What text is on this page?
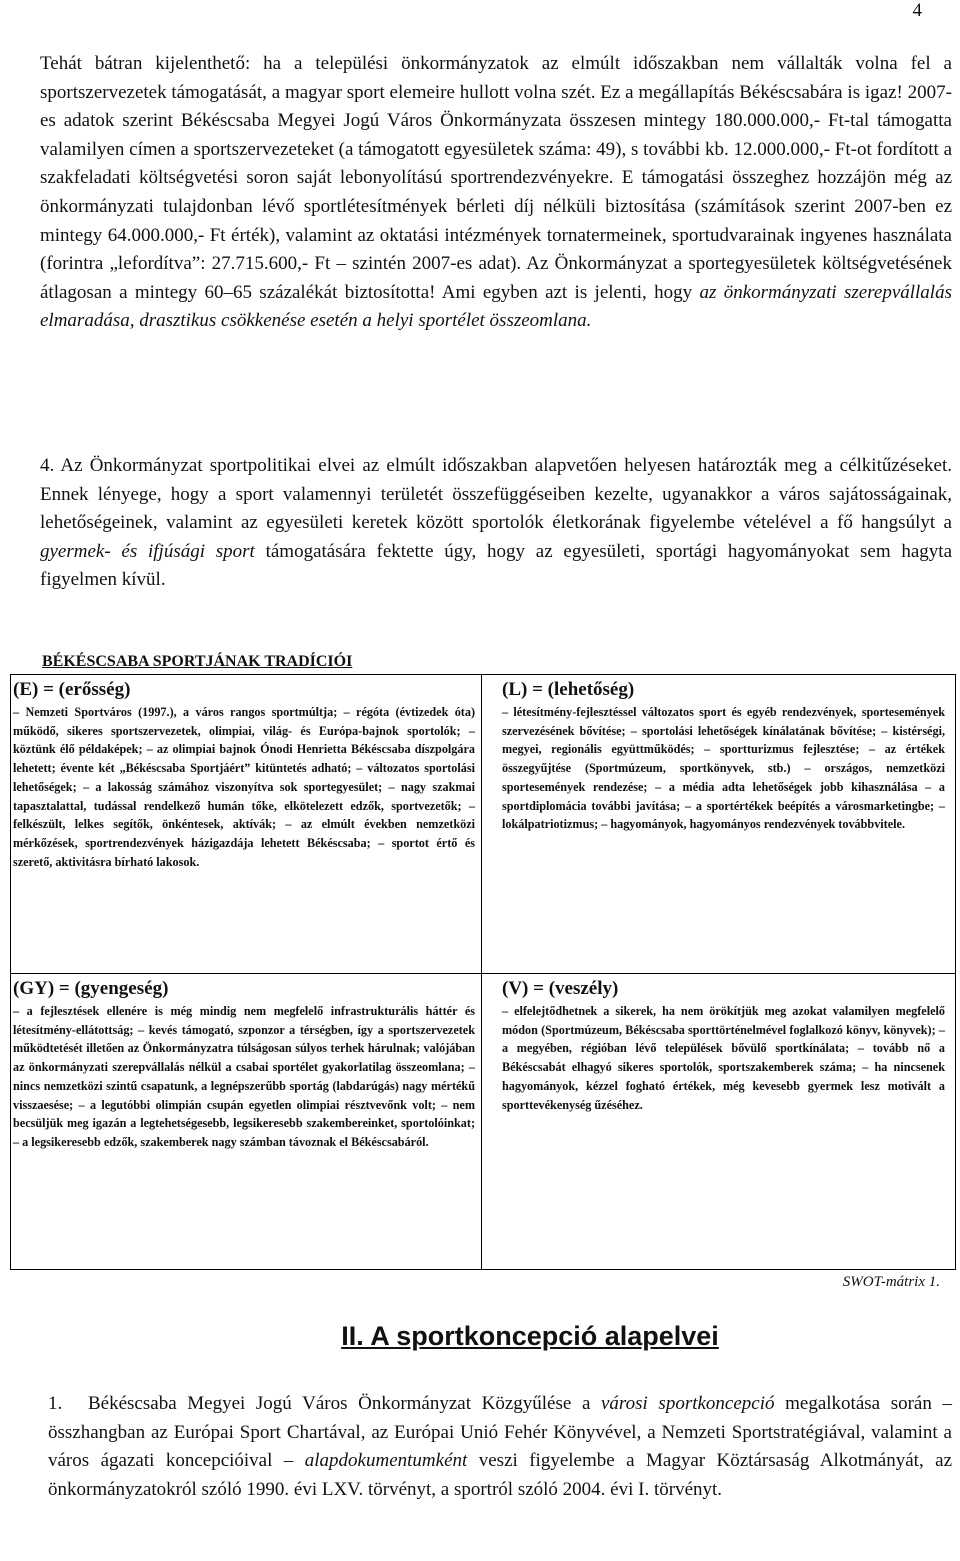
4

Tehát bátran kijelenthető: ha a települési önkormányzatok az elmúlt időszakban nem vállalták volna fel a sportszervezetek támogatását, a magyar sport elemeire hullott volna szét. Ez a megállapítás Békéscsabára is igaz! 2007-es adatok szerint Békéscsaba Megyei Jogú Város Önkormányzata összesen mintegy 180.000.000,- Ft-tal támogatta valamilyen címen a sportszervezeteket (a támogatott egyesületek száma: 49), s további kb. 12.000.000,- Ft-ot fordított a szakfeladati költségvetési soron saját lebonyolítású sportrendezvényekre. E támogatási összeghez hozzájön még az önkormányzati tulajdonban lévő sportlétesítmények bérleti díj nélküli biztosítása (számítások szerint 2007-ben ez mintegy 64.000.000,- Ft érték), valamint az oktatási intézmények tornatermeinek, sportudvarainak ingyenes használata (forintra „lefordítva”: 27.715.600,- Ft – szintén 2007-es adat). Az Önkormányzat a sportegyesületek költségvetésének átlagosan a mintegy 60–65 százalékát biztosította! Ami egyben azt is jelenti, hogy az önkormányzati szerepvállalás elmaradása, drasztikus csökkenése esetén a helyi sportélet összeomlana.

4. Az Önkormányzat sportpolitikai elvei az elmúlt időszakban alapvetően helyesen határozták meg a célkitűzéseket. Ennek lényege, hogy a sport valamennyi területét összefüggéseiben kezelte, ugyanakkor a város sajátosságainak, lehetőségeinek, valamint az egyesületi keretek között sportolók életkorának figyelembe vételével a fő hangsúlyt a gyermek- és ifjúsági sport támogatására fektette úgy, hogy az egyesületi, sportági hagyományokat sem hagyta figyelmen kívül.

BÉKÉSCSABA SPORTJÁNAK TRADÍCIÓI
(E) = (erősség)

– Nemzeti Sportváros (1997.), a város rangos sportmúltja; – régóta (évtizedek óta) működő, sikeres sportszervezetek, olimpiai, világ- és Európa-bajnok sportolók; – köztünk élő példaképek; – az olimpiai bajnok Ónodi Henrietta Békéscsaba díszpolgára lehetett; évente két „Békéscsaba Sportjáért” kitüntetés adható; – változatos sportolási lehetőségek; – a lakosság számához viszonyítva sok sportegyesület; – nagy szakmai tapasztalattal, tudással rendelkező humán tőke, elkötelezett edzők, sportvezetők; – felkészült, lelkes segítők, önkéntesek, aktívák; – az elmúlt években nemzetközi mérkőzések, sportrendezvények házigazdája lehetett Békéscsaba; – sportot értő és szerető, aktivitásra bírható lakosok.

(L) = (lehetőség)

– létesítmény-fejlesztéssel változatos sport és egyéb rendezvények, sportesemények szervezésének bővítése; – sportolási lehetőségek kínálatának bővítése; – kistérségi, megyei, regionális együttműködés; – sportturizmus fejlesztése; – az értékek összegyűjtése (Sportmúzeum, sportkönyvek, stb.) – országos, nemzetközi sportesemények rendezése; – a média adta lehetőségek jobb kihasználása – a sportdiplomácia további javítása; – a sportértékek beépítés a városmarketingbe; – lokálpatriotizmus; – hagyományok, hagyományos rendezvények továbbvitele.

(GY) = (gyengeség)

– a fejlesztések ellenére is még mindig nem megfelelő infrastrukturális háttér és létesítmény-ellátottság; – kevés támogató, szponzor a térségben, így a sportszervezetek működtetését illetően az Önkormányzatra túlságosan súlyos terhek hárulnak; valójában az önkormányzati szerepvállalás nélkül a csabai sportélet gyakorlatilag összeomlana; – nincs nemzetközi szintű csapatunk, a legnépszerűbb sportág (labdarúgás) nagy mértékű visszaesése; – a legutóbbi olimpián csupán egyetlen olimpiai résztvevőnk volt; – nem becsüljük meg igazán a legtehetségesebb, legsikeresebb szakembereinket, sportolóinkat; – a legsikeresebb edzők, szakemberek nagy számban távoznak el Békéscsabáról.

(V) = (veszély)

– elfelejtődhetnek a sikerek, ha nem örökítjük meg azokat valamilyen megfelelő módon (Sportmúzeum, Békéscsaba sporttörténelmével foglalkozó könyv, könyvek); – a megyében, régióban lévő települések bővülő sportkínálata; – tovább nő a Békéscsabát elhagyó sikeres sportolók, sportszakemberek száma; – ha nincsenek hagyományok, kézzel fogható értékek, még kevesebb gyermek lesz motivált a sporttevékenység űzéséhez.

SWOT-mátrix 1.
II. A sportkoncepció alapelvei

1. Békéscsaba Megyei Jogú Város Önkormányzat Közgyűlése a városi sportkoncepció megalkotása során – összhangban az Európai Sport Chartával, az Európai Unió Fehér Könyvével, a Nemzeti Sportstratégiával, valamint a város ágazati koncepcióival – alapdokumentumként veszi figyelembe a Magyar Köztársaság Alkotmányát, az önkormányzatokról szóló 1990. évi LXV. törvényt, a sportról szóló 2004. évi I. törvényt.
